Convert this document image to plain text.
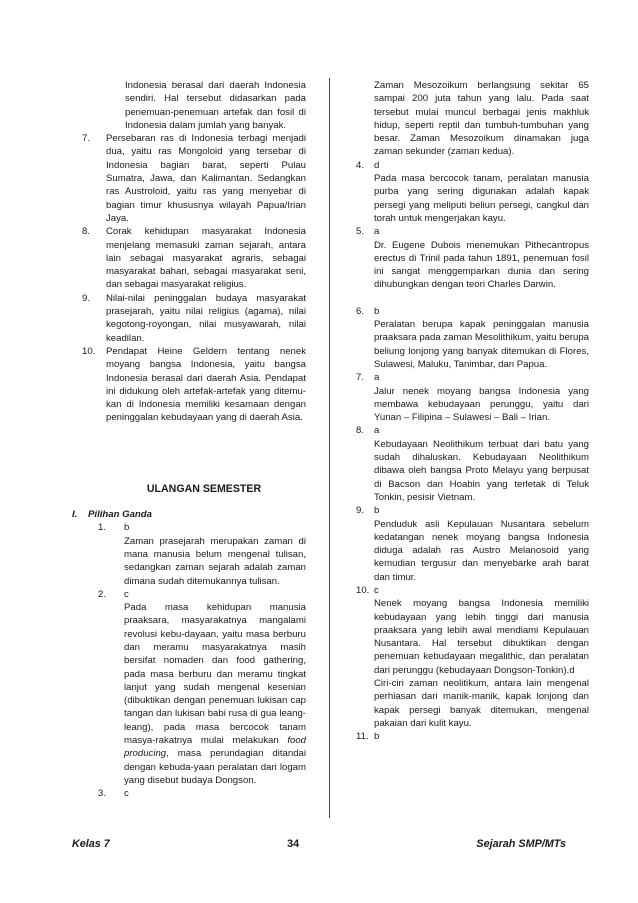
Indonesia berasal dari daerah Indonesia sendiri. Hal tersebut didasarkan pada penemuan-penemuan artefak dan fosil di Indonesia dalam jumlah yang banyak.
7.	Persebaran ras di Indonesia terbagi menjadi dua, yaitu ras Mongoloid yang tersebar di Indonesia bagian barat, seperti Pulau Sumatra, Jawa, dan Kalimantan. Sedangkan ras Austroloid, yaitu ras yang menyebar di bagian timur khususnya wilayah Papua/Irian Jaya.
8.	Corak kehidupan masyarakat Indonesia menjelang memasuki zaman sejarah, antara lain sebagai masyarakat agraris, sebagai masyarakat bahari, sebagai masyarakat seni, dan sebagai masyarakat religius.
9.	Nilai-nilai peninggalan budaya masyarakat prasejarah, yaitu nilai religius (agama), nilai kegotong-royongan, nilai musyawarah, nilai keadilan.
10.	Pendapat Heine Geldern tentang nenek moyang bangsa Indonesia, yaitu bangsa Indonesia berasal dari daerah Asia. Pendapat ini didukung oleh artefak-artefak yang ditemu-kan di Indonesia memiliki kesamaan dengan peninggalan kebudayaan yang di daerah Asia.
ULANGAN SEMESTER
I.	Pilihan Ganda
1.	b
Zaman prasejarah merupakan zaman di mana manusia belum mengenal tulisan, sedangkan zaman sejarah adalah zaman dimana sudah ditemukannya tulisan.
2.	c
Pada masa kehidupan manusia praaksara, masyarakatnya mangalami revolusi kebu-dayaan, yaitu masa berburu dan meramu masyarakatnya masih bersifat nomaden dan food gathering, pada masa berburu dan meramu tingkat lanjut yang sudah mengenal kesenian (dibuktikan dengan penemuan lukisan cap tangan dan lukisan babi rusa di gua leang-leang), pada masa bercocok tanam masya-rakatnya mulai melakukan food producing, masa perundagian ditandai dengan kebuda-yaan peralatan dari logam yang disebut budaya Dongson.
3.	c
Zaman Mesozoikum berlangsung sekitar 65 sampai 200 juta tahun yang lalu. Pada saat tersebut mulai muncul berbagai jenis makhluk hidup, seperti reptil dan tumbuh-tumbuhan yang besar. Zaman Mesozoikum dinamakan juga zaman sekunder (zaman kedua).
4.	d
Pada masa bercocok tanam, peralatan manusia purba yang sering digunakan adalah kapak persegi yang meliputi beliun persegi, cangkul dan torah untuk mengerjakan kayu.
5.	a
Dr. Eugene Dubois menemukan Pithecantropus erectus di Trinil pada tahun 1891, penemuan fosil ini sangat menggemparkan dunia dan sering dihubungkan dengan teori Charles Darwin.
6.	b
Peralatan berupa kapak peninggalan manusia praaksara pada zaman Mesolithikum, yaitu berupa beliung lonjong yang banyak ditemukan di Flores, Sulawesi, Maluku, Tanimbar, dan Papua.
7.	a
Jalur nenek moyang bangsa Indonesia yang membawa kebudayaan perunggu, yaitu dari Yunan – Filipina – Sulawesi – Bali – Irian.
8.	a
Kebudayaan Neolithikum terbuat dari batu yang sudah dihaluskan. Kebudayaan Neolithikum dibawa oleh bangsa Proto Melayu yang berpusat di Bacson dan Hoabin yang terletak di Teluk Tonkin, pesisir Vietnam.
9.	b
Penduduk asli Kepulauan Nusantara sebelum kedatangan nenek moyang bangsa Indonesia diduga adalah ras Austro Melanosoid yang kemudian tergusur dan menyebarke arah barat dan timur.
10. c
Nenek moyang bangsa Indonesia memiliki kebudayaan yang lebih tinggi dari manusia praaksara yang lebih awal mendiami Kepulauan Nusantara. Hal tersebut dibuktikan dengan penemuan kebudayaan megalithic, dan peralatan dari perunggu (kebudayaan Dongson-Tonkin).d
Ciri-ciri zaman neolitikum, antara lain mengenal perhiasan dari manik-manik, kapak lonjong dan kapak persegi banyak ditemukan, mengenal pakaian dari kulit kayu.
11. b
Kelas 7	34	Sejarah SMP/MTs
